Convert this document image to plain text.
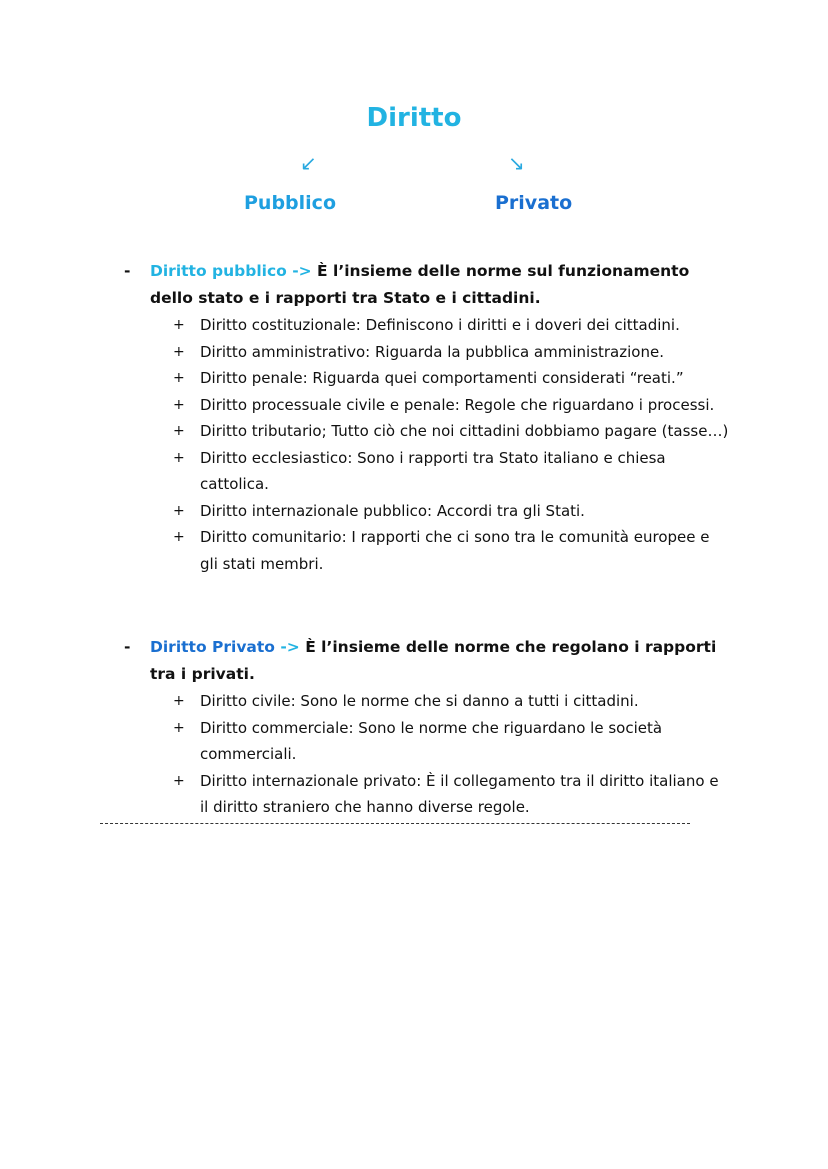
Diritto
↙	↘
Pubblico	Privato
- Diritto pubblico -> È l’insieme delle norme sul funzionamento dello stato e i rapporti tra Stato e i cittadini.
+ Diritto costituzionale: Definiscono i diritti e i doveri dei cittadini.
+ Diritto amministrativo: Riguarda la pubblica amministrazione.
+ Diritto penale: Riguarda quei comportamenti considerati “reati.”
+ Diritto processuale civile e penale: Regole che riguardano i processi.
+ Diritto tributario; Tutto ciò che noi cittadini dobbiamo pagare (tasse…)
+ Diritto ecclesiastico: Sono i rapporti tra Stato italiano e chiesa cattolica.
+ Diritto internazionale pubblico: Accordi tra gli Stati.
+ Diritto comunitario: I rapporti che ci sono tra le comunità europee e gli stati membri.
- Diritto Privato -> È l’insieme delle norme che regolano i rapporti tra i privati.
+ Diritto civile: Sono le norme che si danno a tutti i cittadini.
+ Diritto commerciale: Sono le norme che riguardano le società commerciali.
+ Diritto internazionale privato: È il collegamento tra il diritto italiano e il diritto straniero che hanno diverse regole.
